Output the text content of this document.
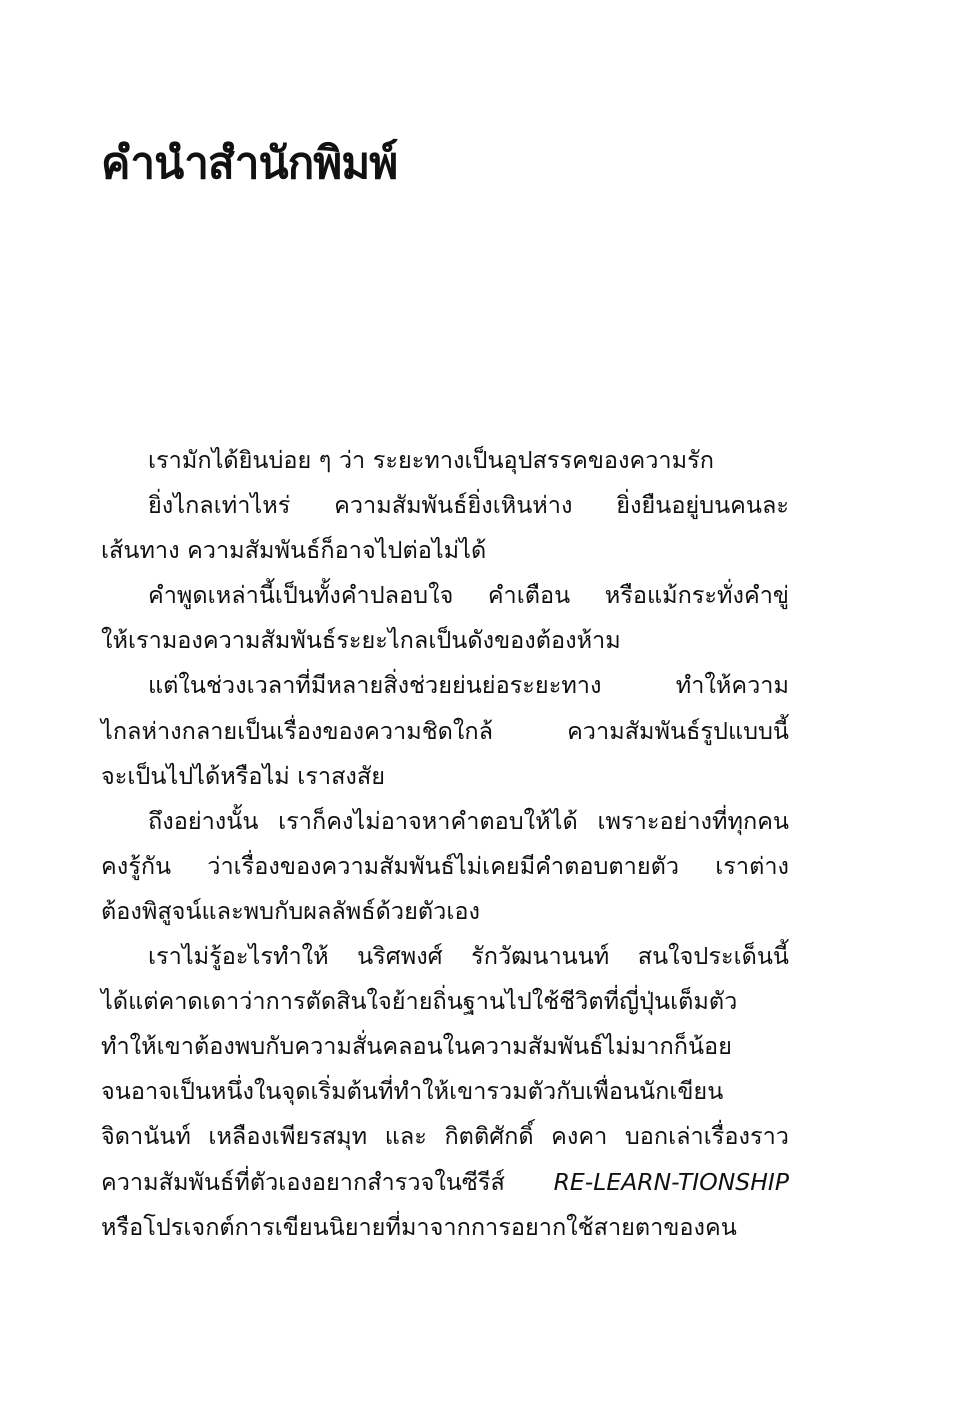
คำนำสำนักพิมพ์
เรามักได้ยินบ่อย ๆ ว่า ระยะทางเป็นอุปสรรคของความรัก
ยิ่งไกลเท่าไหร่ ความสัมพันธ์ยิ่งเหินห่าง ยิ่งยืนอยู่บนคนละ
เส้นทาง ความสัมพันธ์ก็อาจไปต่อไม่ได้
คำพูดเหล่านี้เป็นทั้งคำปลอบใจ คำเตือน หรือแม้กระทั่งคำขู่
ให้เรามองความสัมพันธ์ระยะไกลเป็นดังของต้องห้าม
แต่ในช่วงเวลาที่มีหลายสิ่งช่วยย่นย่อระยะทาง ทำให้ความ
ไกลห่างกลายเป็นเรื่องของความชิดใกล้ ความสัมพันธ์รูปแบบนี้
จะเป็นไปได้หรือไม่ เราสงสัย
ถึงอย่างนั้น เราก็คงไม่อาจหาคำตอบให้ได้ เพราะอย่างที่ทุกคน
คงรู้กัน ว่าเรื่องของความสัมพันธ์ไม่เคยมีคำตอบตายตัว เราต่าง
ต้องพิสูจน์และพบกับผลลัพธ์ด้วยตัวเอง
เราไม่รู้อะไรทำให้ นริศพงศ์ รักวัฒนานนท์ สนใจประเด็นนี้
ได้แต่คาดเดาว่าการตัดสินใจย้ายถิ่นฐานไปใช้ชีวิตที่ญี่ปุ่นเต็มตัว
ทำให้เขาต้องพบกับความสั่นคลอนในความสัมพันธ์ไม่มากก็น้อย
จนอาจเป็นหนึ่งในจุดเริ่มต้นที่ทำให้เขารวมตัวกับเพื่อนนักเขียน
จิดานันท์ เหลืองเพียรสมุท และ กิตติศักดิ์ คงคา บอกเล่าเรื่องราว
ความสัมพันธ์ที่ตัวเองอยากสำรวจในซีรีส์ RE-LEARN-TIONSHIP
หรือโปรเจกต์การเขียนนิยายที่มาจากการอยากใช้สายตาของคน
